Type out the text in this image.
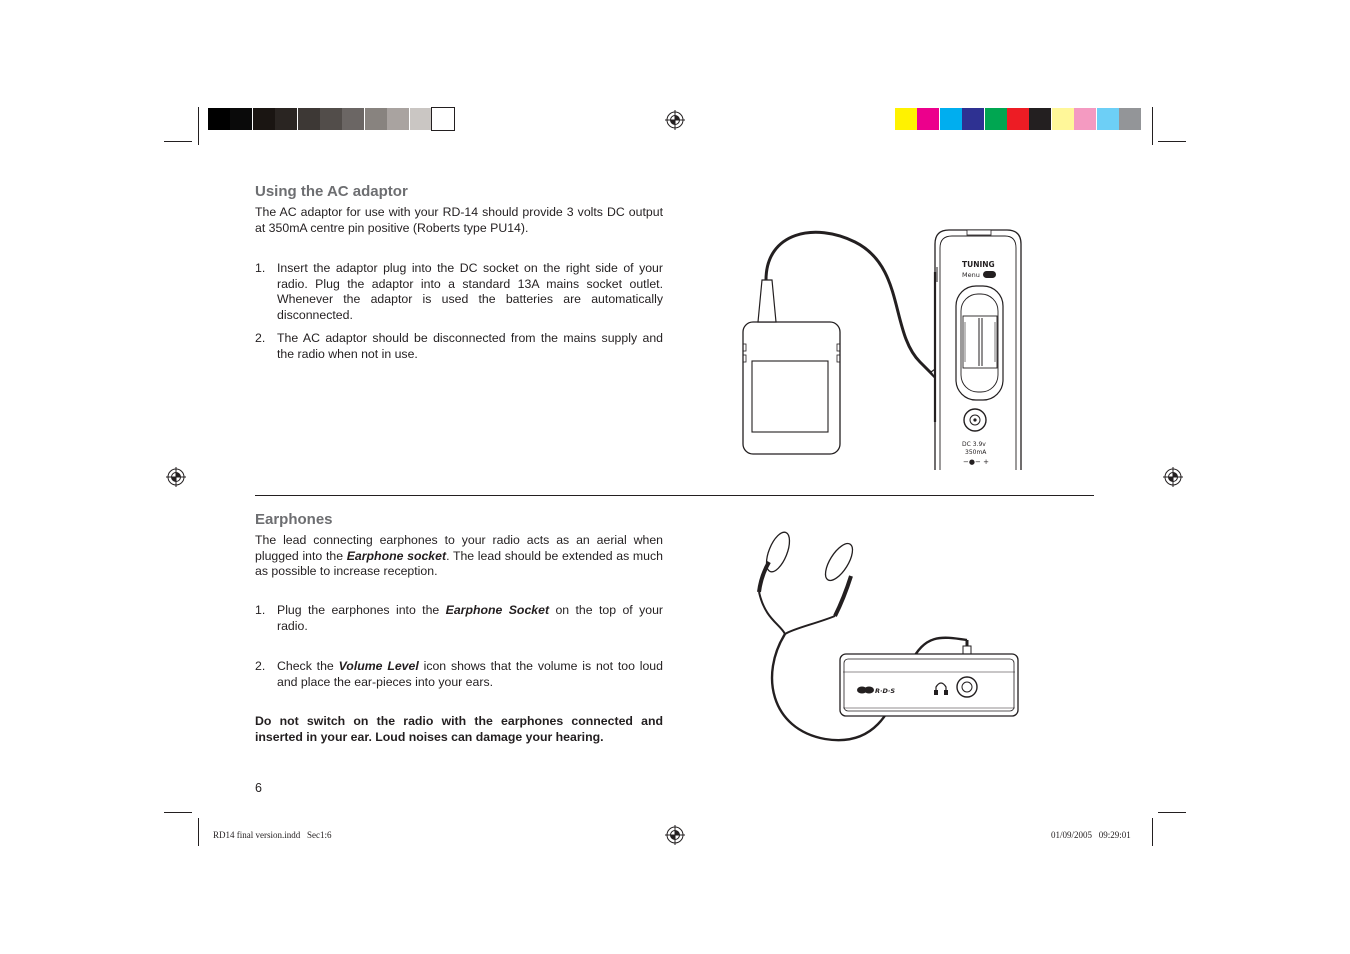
Using the AC adaptor
The AC adaptor for use with your RD-14 should provide 3 volts DC output at 350mA centre pin positive (Roberts type PU14).
1. Insert the adaptor plug into the DC socket on the right side of your radio. Plug the adaptor into a standard 13A mains socket outlet. Whenever the adaptor is used the batteries are automatically disconnected.
2. The AC adaptor should be disconnected from the mains supply and the radio when not in use.
TUNING
Menu
DC 3.9v
350mA
−●− +
Earphones
The lead connecting earphones to your radio acts as an aerial when plugged into the Earphone socket. The lead should be extended as much as possible to increase reception.
1. Plug the earphones into the Earphone Socket on the top of your radio.
2. Check the Volume Level icon shows that the volume is not too loud and place the ear-pieces into your ears.
Do not switch on the radio with the earphones connected and inserted in your ear. Loud noises can damage your hearing.
R·D·S
6
RD14 final version.indd   Sec1:6	01/09/2005   09:29:01
